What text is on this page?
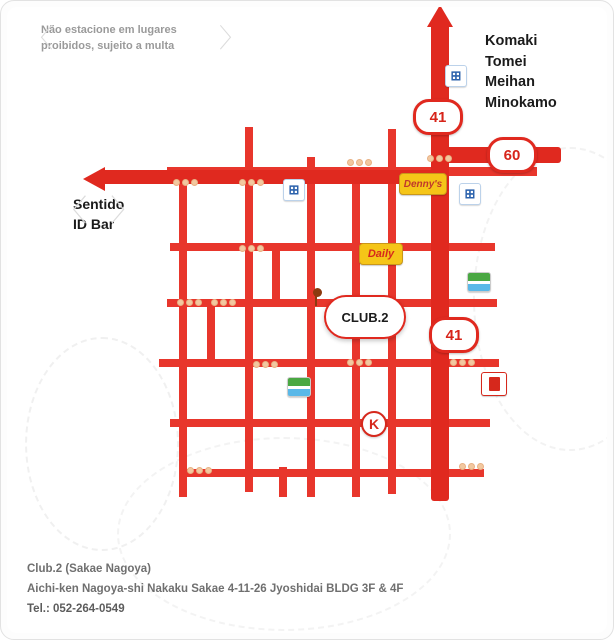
41
60
41
⊞
⊞	⊞
Denny's
Daily
K
CLUB.2
〈
Não estacione em lugares
proibidos, sujeito a multa	〉	Komaki
Tomei
Meihan
Minokamo
〈
Sentido
ID Bar
〉
Club.2 (Sakae Nagoya)
Aichi-ken Nagoya-shi Nakaku Sakae 4-11-26 Jyoshidai BLDG 3F & 4F
Tel.: 052-264-0549
